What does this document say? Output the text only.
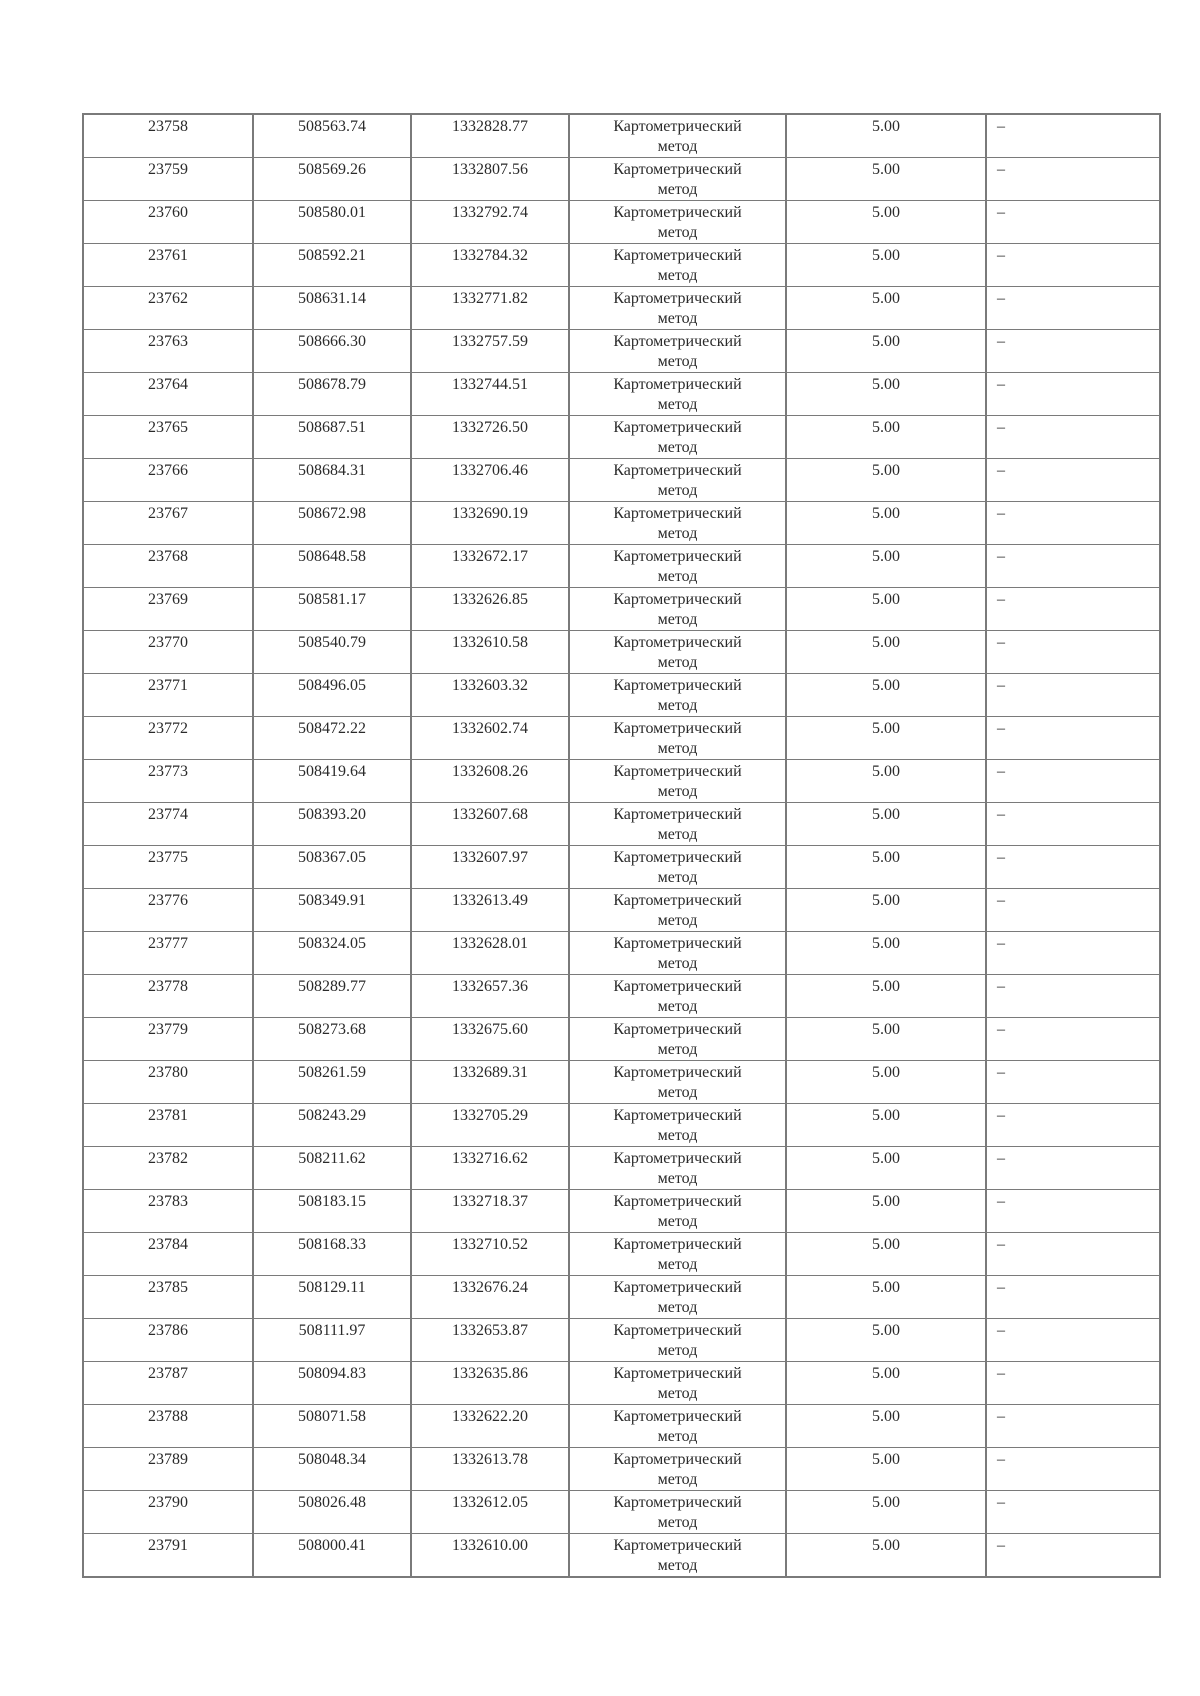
23758	508563.74	1332828.77	Картометрический
метод	5.00	–
23759	508569.26	1332807.56	Картометрический
метод	5.00	–
23760	508580.01	1332792.74	Картометрический
метод	5.00	–
23761	508592.21	1332784.32	Картометрический
метод	5.00	–
23762	508631.14	1332771.82	Картометрический
метод	5.00	–
23763	508666.30	1332757.59	Картометрический
метод	5.00	–
23764	508678.79	1332744.51	Картометрический
метод	5.00	–
23765	508687.51	1332726.50	Картометрический
метод	5.00	–
23766	508684.31	1332706.46	Картометрический
метод	5.00	–
23767	508672.98	1332690.19	Картометрический
метод	5.00	–
23768	508648.58	1332672.17	Картометрический
метод	5.00	–
23769	508581.17	1332626.85	Картометрический
метод	5.00	–
23770	508540.79	1332610.58	Картометрический
метод	5.00	–
23771	508496.05	1332603.32	Картометрический
метод	5.00	–
23772	508472.22	1332602.74	Картометрический
метод	5.00	–
23773	508419.64	1332608.26	Картометрический
метод	5.00	–
23774	508393.20	1332607.68	Картометрический
метод	5.00	–
23775	508367.05	1332607.97	Картометрический
метод	5.00	–
23776	508349.91	1332613.49	Картометрический
метод	5.00	–
23777	508324.05	1332628.01	Картометрический
метод	5.00	–
23778	508289.77	1332657.36	Картометрический
метод	5.00	–
23779	508273.68	1332675.60	Картометрический
метод	5.00	–
23780	508261.59	1332689.31	Картометрический
метод	5.00	–
23781	508243.29	1332705.29	Картометрический
метод	5.00	–
23782	508211.62	1332716.62	Картометрический
метод	5.00	–
23783	508183.15	1332718.37	Картометрический
метод	5.00	–
23784	508168.33	1332710.52	Картометрический
метод	5.00	–
23785	508129.11	1332676.24	Картометрический
метод	5.00	–
23786	508111.97	1332653.87	Картометрический
метод	5.00	–
23787	508094.83	1332635.86	Картометрический
метод	5.00	–
23788	508071.58	1332622.20	Картометрический
метод	5.00	–
23789	508048.34	1332613.78	Картометрический
метод	5.00	–
23790	508026.48	1332612.05	Картометрический
метод	5.00	–
23791	508000.41	1332610.00	Картометрический
метод	5.00	–
